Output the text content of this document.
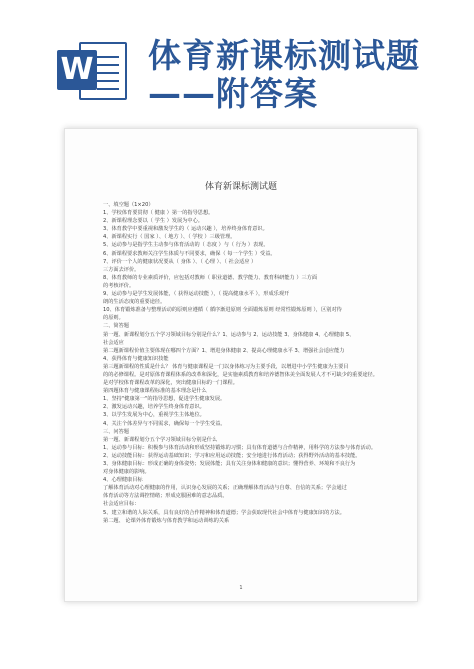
W 体育新课标测试题
——附答案
体育新课标测试题
一、填空题（1×20）
1、学校体育要贯彻（ 健康 ）第一的指导思想。
2、新课程理念要以（ 学生 ）发展为中心。
3、体育教学中要重视和激发学生的（ 运动兴趣 ），培养终身体育意识。
4、新课程实行（ 国家 ）、（ 地方 ）、（ 学校 ）三级管理。
5、运动参与是指学生主动参与体育活动的（ 态度 ）与（ 行为 ）表现。
6、新课程要求教师关注学生体质与不同要求，确保（ 每一个学生 ）受益。
7、评价一个人的健康状况要从（ 身体 ）、（ 心理 ）、（ 社会适应 ）
三方面去评价。
8、体育教师的专业素质评价，应包括对教师（ 职业道德、教学能力、教育科研能力 ）三方面
的考核评价。
9、运动参与是学生发展体能，（ 获得运动技能 ），（ 提高健康水平 ），形成乐观开
朗的生活态度的重要途径。
10、体育锻炼准备与整理活动的原则应遵循（ 循序渐进原则 全面锻炼原则 经常性锻炼原则 ），区别对待
的原则。
二、简答题
第一题、新课程划分五个学习领域目标分别是什么？1、运动参与 2、运动技能 3、身体健康 4、心理健康 5、
社会适应
第二题新课程价值主要体现在哪四个方面？1、增进身体健康 2、提高心理健康水平 3、增强社会适应能力
4、获得体育与健康知识技能
第三题新课程的性质是什么？ 体育与健康课程是一门以身体练习为主要手段，以增进中小学生健康为主要目
的的必修课程。是对原体育课程体系的改革和深化，是实施素质教育和培养德智体美全面发展人才不可缺少的重要途径。
是对学校体育课程改革的深化，突出健康目标的一门课程。
第四题体育与健康课程标准的基本理念是什么
1、坚持"健康第一"的指导思想，促进学生健康发展。
2、激发运动兴趣，培养学生终身体育意识。
3、以学生发展为中心，重视学生主体地位。
4、关注个体差异与不同需求，确保每一个学生受益。
三、问答题
第一题、新课程划分五个学习领域目标分别是什么
1、运动参与目标：积极参与体育活动和形成坚持锻炼的习惯；具有体育道德与合作精神，用科学的方法参与体育活动。
2、运动技能目标：获得运动基础知识；学习和应用运动技能；安全地进行体育活动；获得野外活动的基本技能。
3、身体健康目标：形成正确的身体姿势；发展体能；具有关注身体和健康的意识；懂得营养、环境和不良行为
对身体健康的影响。
4、心理健康目标
了解体育活动对心理健康的作用，认识身心发展的关系；正确理解体育活动与自尊、自信的关系；学会通过
体育活动等方法调控情绪；形成克服困难的意志品质。
社会适应目标：
5、建立和谐的人际关系，具有良好的合作精神和体育道德；学会获取现代社会中体育与健康知识的方法。
第二题、 论课外体育锻炼与体育教学和运动训练的关系
1
